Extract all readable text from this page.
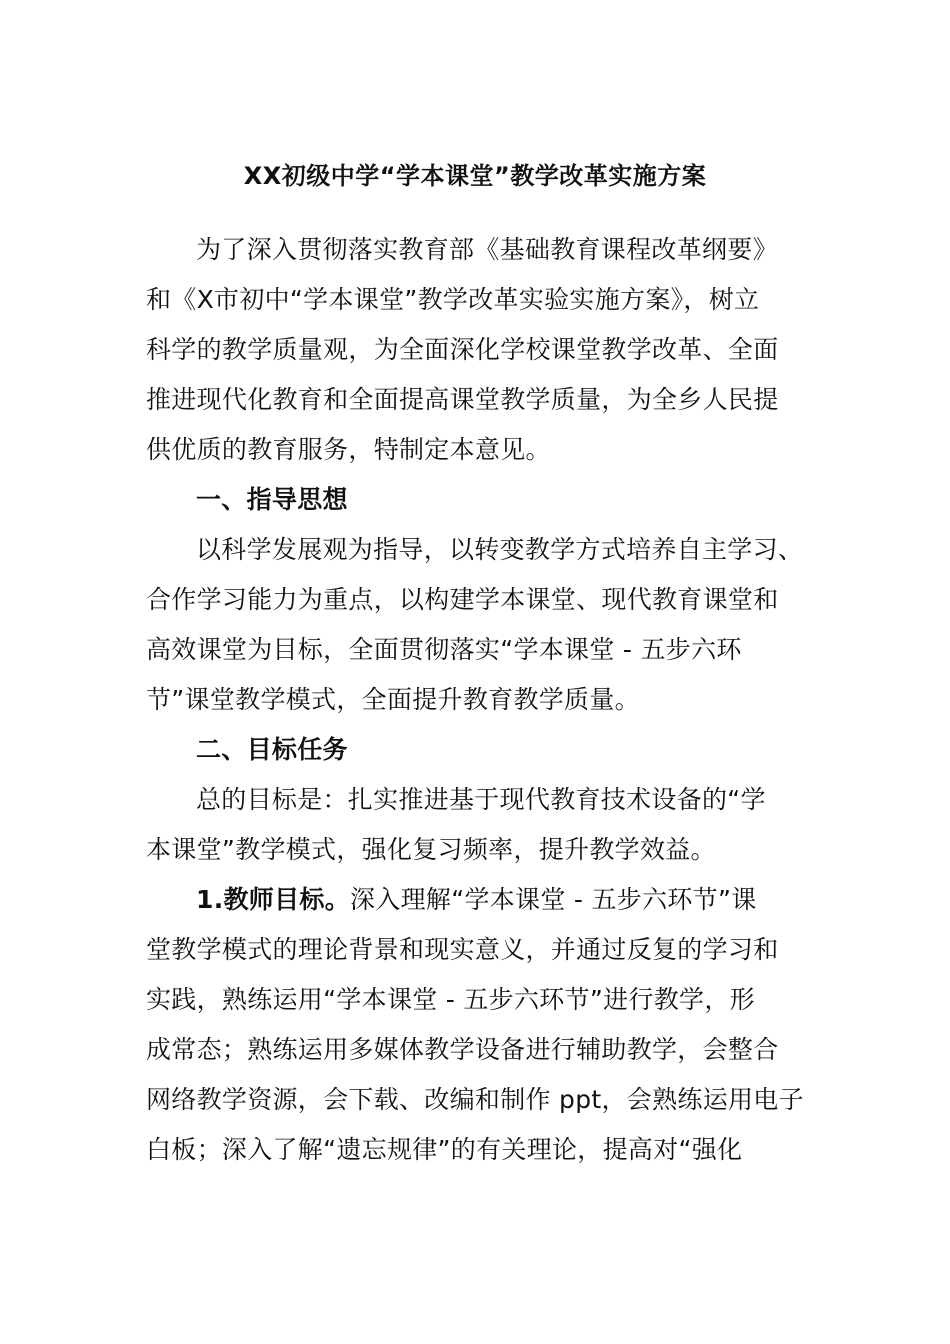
XX初级中学“学本课堂”教学改革实施方案
为了深入贯彻落实教育部《基础教育课程改革纲要》
和《X市初中“学本课堂”教学改革实验实施方案》，树立
科学的教学质量观，为全面深化学校课堂教学改革、全面
推进现代化教育和全面提高课堂教学质量，为全乡人民提
供优质的教育服务，特制定本意见。
一、指导思想
以科学发展观为指导，以转变教学方式培养自主学习、
合作学习能力为重点，以构建学本课堂、现代教育课堂和
高效课堂为目标，全面贯彻落实“学本课堂 - 五步六环
节”课堂教学模式，全面提升教育教学质量。
二、目标任务
总的目标是：扎实推进基于现代教育技术设备的“学
本课堂”教学模式，强化复习频率，提升教学效益。
1.教师目标。深入理解“学本课堂 - 五步六环节”课
堂教学模式的理论背景和现实意义，并通过反复的学习和
实践，熟练运用“学本课堂 - 五步六环节”进行教学，形
成常态；熟练运用多媒体教学设备进行辅助教学，会整合
网络教学资源，会下载、改编和制作 ppt，会熟练运用电子
白板；深入了解“遗忘规律”的有关理论，提高对“强化
